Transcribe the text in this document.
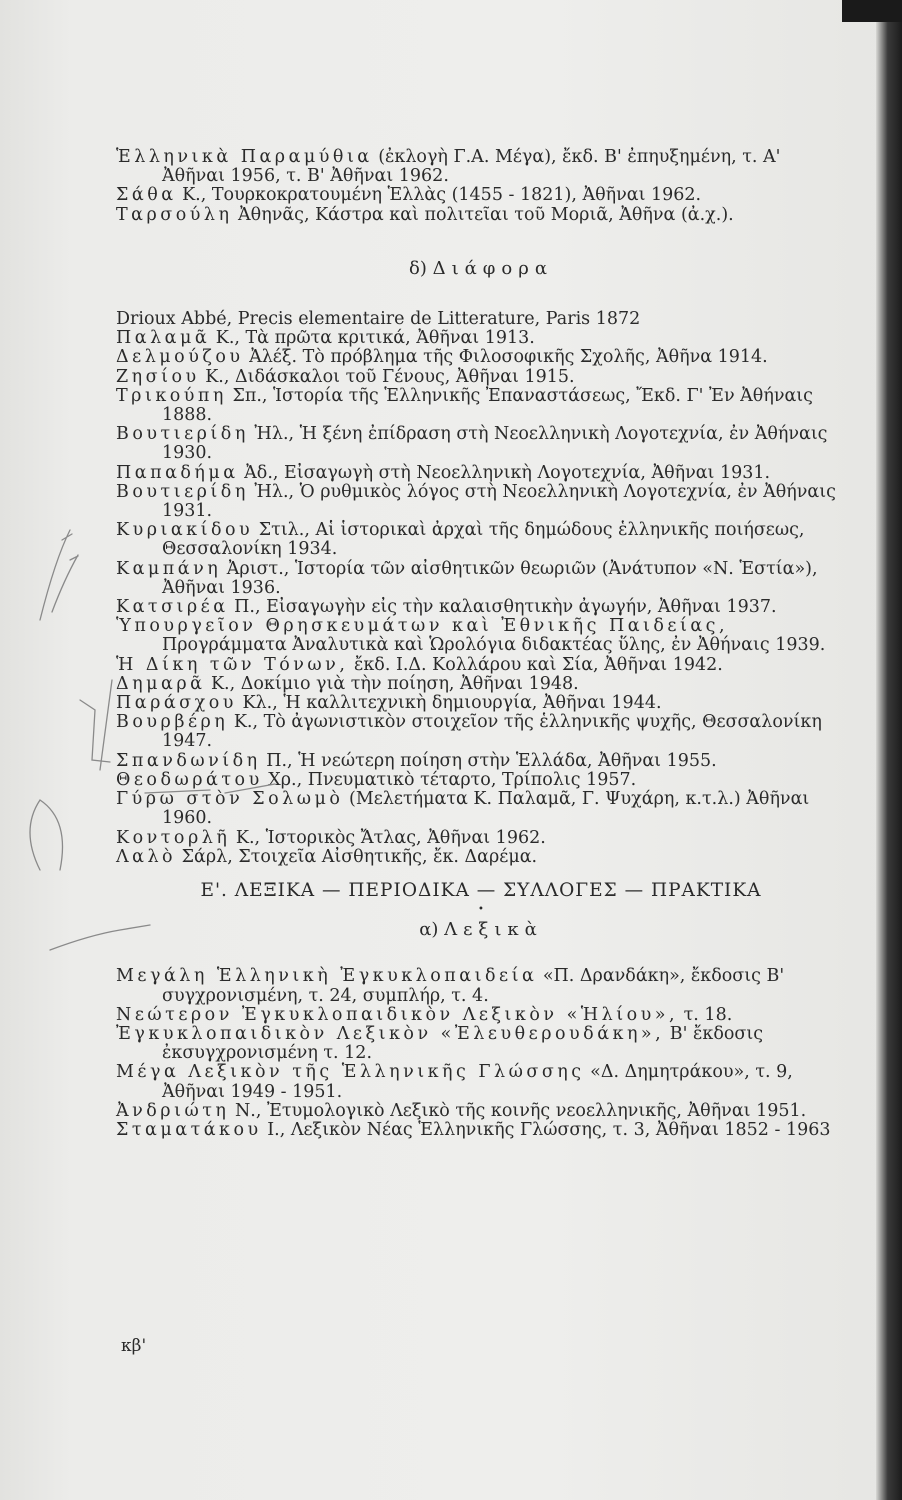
Ἑλληνικὰ Παραμύθια (ἐκλογὴ Γ.Α. Μέγα), ἔκδ. Β' ἐπηυξημένη, τ. Α' Ἀθῆναι 1956, τ. Β' Ἀθῆναι 1962.

Σάθα Κ., Τουρκοκρατουμένη Ἑλλὰς (1455 - 1821), Ἀθῆναι 1962.

Ταρσούλη Ἀθηνᾶς, Κάστρα καὶ πολιτεῖαι τοῦ Μοριᾶ, Ἀθῆνα (ἀ.χ.).

δ) Διάφορα

Drioux Abbé, Precis elementaire de Litterature, Paris 1872

Παλαμᾶ Κ., Τὰ πρῶτα κριτικά, Ἀθῆναι 1913.

Δελμούζου Ἀλέξ. Τὸ πρόβλημα τῆς Φιλοσοφικῆς Σχολῆς, Ἀθῆνα 1914.

Ζησίου Κ., Διδάσκαλοι τοῦ Γένους, Ἀθῆναι 1915.

Τρικούπη Σπ., Ἱστορία τῆς Ἑλληνικῆς Ἐπαναστάσεως, Ἔκδ. Γ' Ἐν Ἀθήναις 1888.

Βουτιερίδη Ἠλ., Ἡ ξένη ἐπίδραση στὴ Νεοελληνικὴ Λογοτεχνία, ἐν Ἀθήναις 1930.

Παπαδήμα Ἀδ., Εἰσαγωγὴ στὴ Νεοελληνικὴ Λογοτεχνία, Ἀθῆναι 1931.

Βουτιερίδη Ἠλ., Ὁ ρυθμικὸς λόγος στὴ Νεοελληνικὴ Λογοτεχνία, ἐν Ἀθήναις 1931.

Κυριακίδου Στιλ., Αἱ ἱστορικαὶ ἀρχαὶ τῆς δημώδους ἑλληνικῆς ποιήσεως, Θεσσαλονίκη 1934.

Καμπάνη Ἀριστ., Ἱστορία τῶν αἰσθητικῶν θεωριῶν (Ἀνάτυπον «Ν. Ἑστία»), Ἀθῆναι 1936.

Κατσιρέα Π., Εἰσαγωγὴν εἰς τὴν καλαισθητικὴν ἀγωγήν, Ἀθῆναι 1937.

Ὑπουργεῖον Θρησκευμάτων καὶ Ἐθνικῆς Παιδείας, Προγράμματα Ἀναλυτικὰ καὶ Ὡρολόγια διδακτέας ὕλης, ἐν Ἀθήναις 1939.

Ἡ Δίκη τῶν Τόνων, ἔκδ. Ι.Δ. Κολλάρου καὶ Σία, Ἀθῆναι 1942.

Δημαρᾶ Κ., Δοκίμιο γιὰ τὴν ποίηση, Ἀθῆναι 1948.

Παράσχου Κλ., Ἡ καλλιτεχνικὴ δημιουργία, Ἀθῆναι 1944.

Βουρβέρη Κ., Τὸ ἀγωνιστικὸν στοιχεῖον τῆς ἑλληνικῆς ψυχῆς, Θεσσαλονίκη 1947.

Σπανδωνίδη Π., Ἡ νεώτερη ποίηση στὴν Ἑλλάδα, Ἀθῆναι 1955.

Θεοδωράτου Χρ., Πνευματικὸ τέταρτο, Τρίπολις 1957.

Γύρω στὸν Σολωμὸ (Μελετήματα Κ. Παλαμᾶ, Γ. Ψυχάρη, κ.τ.λ.) Ἀθῆναι 1960.

Κοντορλῆ Κ., Ἱστορικὸς Ἄτλας, Ἀθῆναι 1962.

Λαλὸ Σάρλ, Στοιχεῖα Αἰσθητικῆς, ἔκ. Δαρέμα.

Ε'. ΛΕΞΙΚΑ — ΠΕΡΙΟΔΙΚΑ — ΣΥΛΛΟΓΕΣ — ΠΡΑΚΤΙΚΑ

•

α) Λεξικὰ

Μεγάλη Ἑλληνικὴ Ἐγκυκλοπαιδεία «Π. Δρανδάκη», ἔκδοσις Β' συγχρονισμένη, τ. 24, συμπλήρ, τ. 4.

Νεώτερον Ἐγκυκλοπαιδικὸν Λεξικὸν «Ἡλίου», τ. 18.

Ἐγκυκλοπαιδικὸν Λεξικὸν «Ἐλευθερουδάκη», Β' ἔκδοσις ἐκσυγχρονισμένη τ. 12.

Μέγα Λεξικὸν τῆς Ἑλληνικῆς Γλώσσης «Δ. Δημητράκου», τ. 9, Ἀθῆναι 1949 - 1951.

Ἀνδριώτη Ν., Ἐτυμολογικὸ Λεξικὸ τῆς κοινῆς νεοελληνικῆς, Ἀθῆναι 1951.

Σταματάκου Ι., Λεξικὸν Νέας Ἑλληνικῆς Γλώσσης, τ. 3, Ἀθῆναι 1852 - 1963

κβ'
